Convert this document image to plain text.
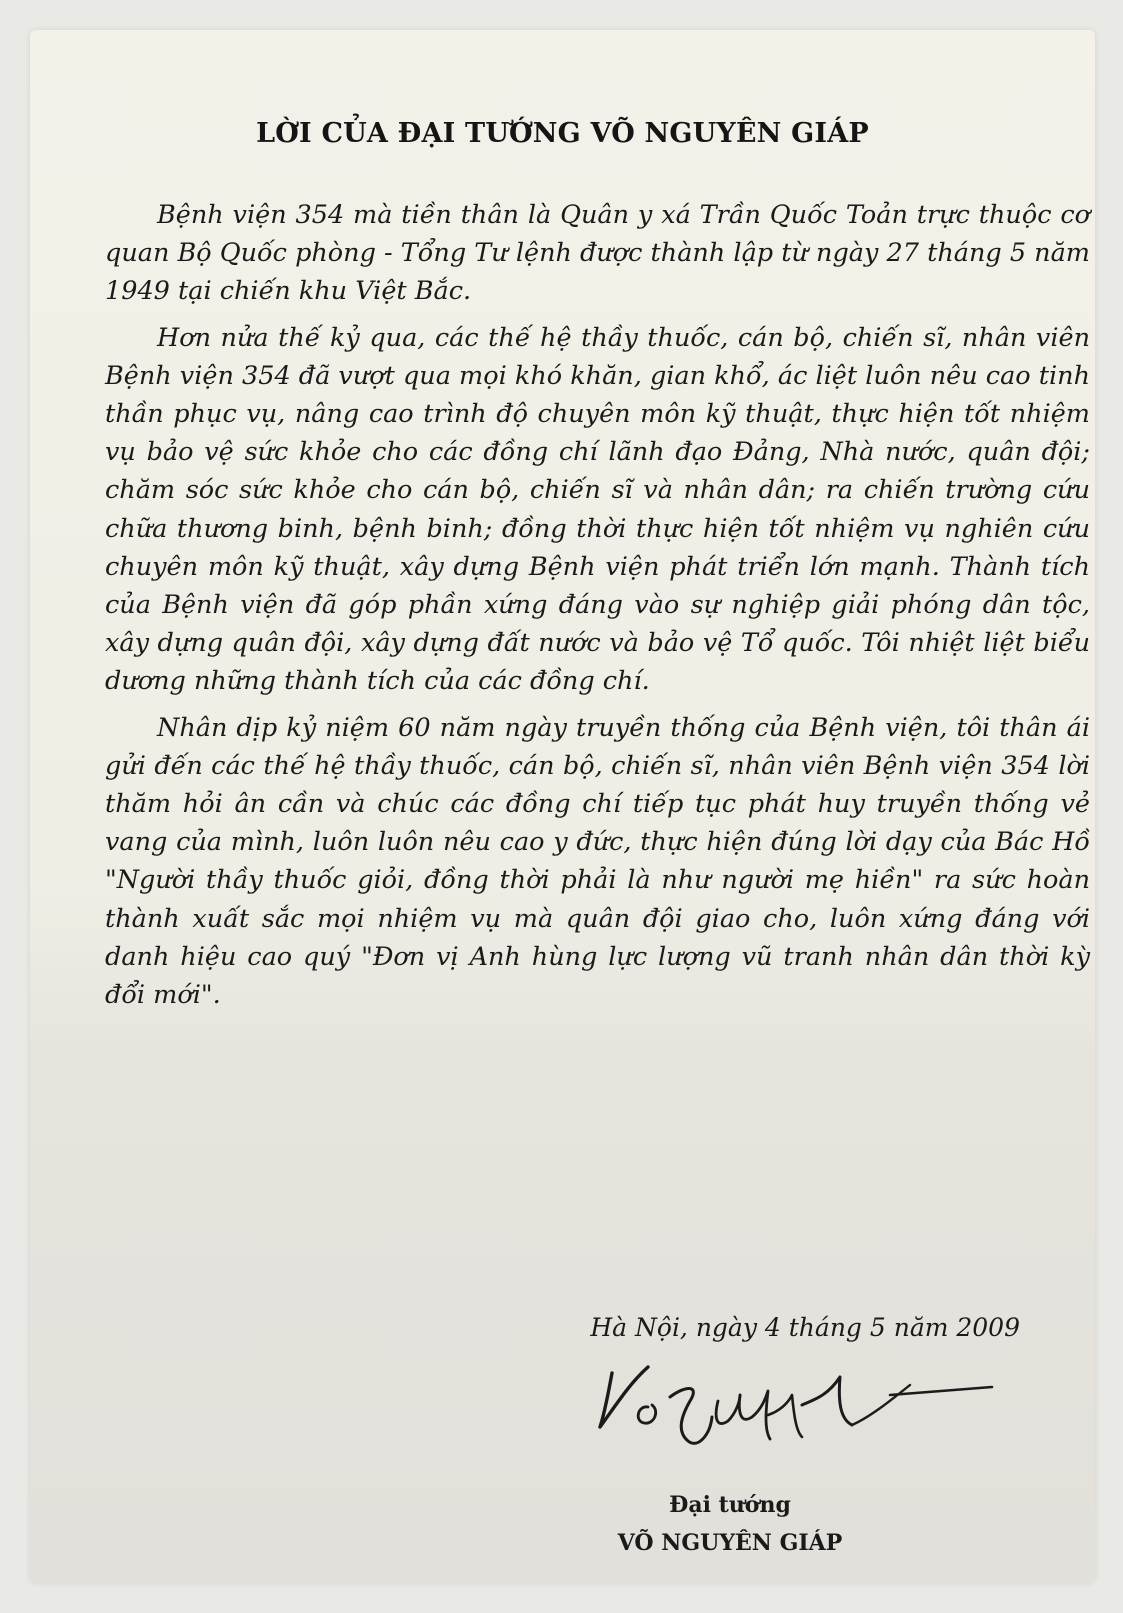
LỜI CỦA ĐẠI TƯỚNG VÕ NGUYÊN GIÁP

Bệnh viện 354 mà tiền thân là Quân y xá Trần Quốc Toản trực thuộc cơ quan Bộ Quốc phòng - Tổng Tư lệnh được thành lập từ ngày 27 tháng 5 năm 1949 tại chiến khu Việt Bắc.

Hơn nửa thế kỷ qua, các thế hệ thầy thuốc, cán bộ, chiến sĩ, nhân viên Bệnh viện 354 đã vượt qua mọi khó khăn, gian khổ, ác liệt luôn nêu cao tinh thần phục vụ, nâng cao trình độ chuyên môn kỹ thuật, thực hiện tốt nhiệm vụ bảo vệ sức khỏe cho các đồng chí lãnh đạo Đảng, Nhà nước, quân đội; chăm sóc sức khỏe cho cán bộ, chiến sĩ và nhân dân; ra chiến trường cứu chữa thương binh, bệnh binh; đồng thời thực hiện tốt nhiệm vụ nghiên cứu chuyên môn kỹ thuật, xây dựng Bệnh viện phát triển lớn mạnh. Thành tích của Bệnh viện đã góp phần xứng đáng vào sự nghiệp giải phóng dân tộc, xây dựng quân đội, xây dựng đất nước và bảo vệ Tổ quốc. Tôi nhiệt liệt biểu dương những thành tích của các đồng chí.

Nhân dịp kỷ niệm 60 năm ngày truyền thống của Bệnh viện, tôi thân ái gửi đến các thế hệ thầy thuốc, cán bộ, chiến sĩ, nhân viên Bệnh viện 354 lời thăm hỏi ân cần và chúc các đồng chí tiếp tục phát huy truyền thống vẻ vang của mình, luôn luôn nêu cao y đức, thực hiện đúng lời dạy của Bác Hồ "Người thầy thuốc giỏi, đồng thời phải là như người mẹ hiền" ra sức hoàn thành xuất sắc mọi nhiệm vụ mà quân đội giao cho, luôn xứng đáng với danh hiệu cao quý "Đơn vị Anh hùng lực lượng vũ tranh nhân dân thời kỳ đổi mới".

Hà Nội, ngày 4 tháng 5 năm 2009

Đại tướng

VÕ NGUYÊN GIÁP
